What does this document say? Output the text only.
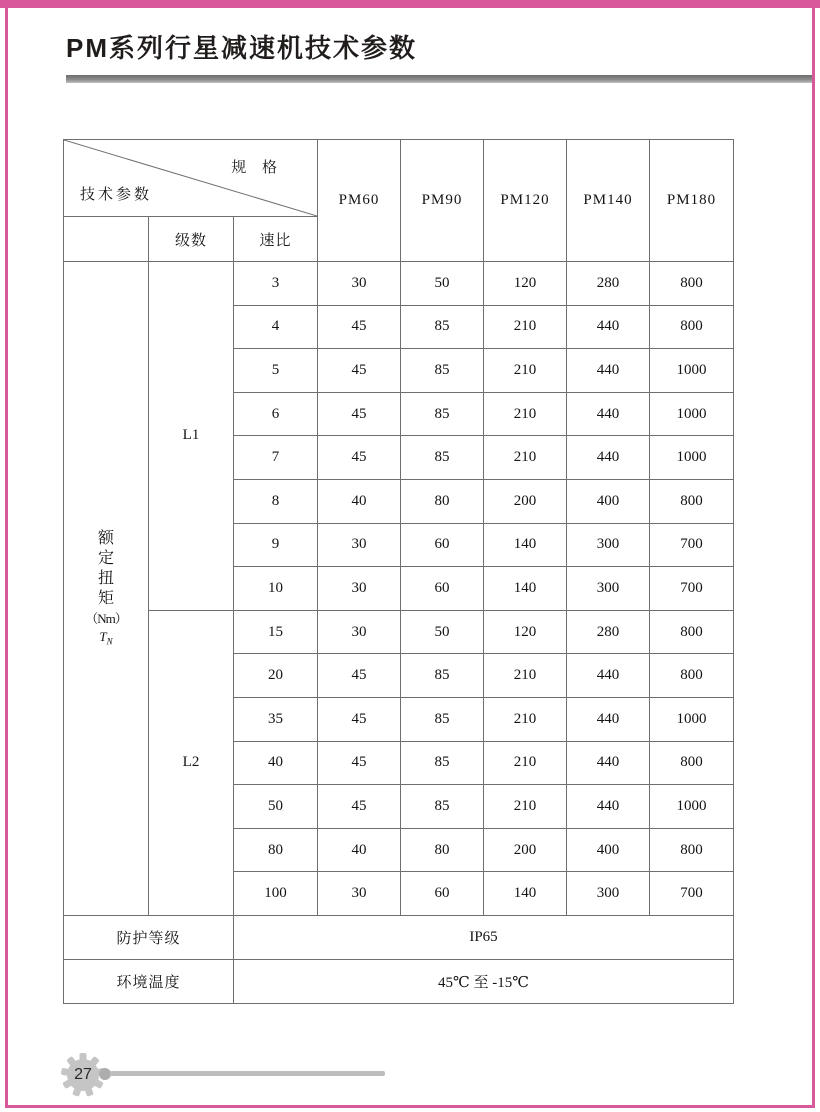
PM系列行星减速机技术参数
规 格
技术参数			PM60	PM90	PM120	PM140	PM180
	级数	速比					

额
定
扭
矩
（Nm）
$T_N$
	L1	3	30	50	120	280	800
		4	45	85	210	440	800
		5	45	85	210	440	1000
		6	45	85	210	440	1000
		7	45	85	210	440	1000
		8	40	80	200	400	800
		9	30	60	140	300	700
		10	30	60	140	300	700
	L2	15	30	50	120	280	800
		20	45	85	210	440	800
		35	45	85	210	440	1000
		40	45	85	210	440	800
		50	45	85	210	440	1000
		80	40	80	200	400	800
		100	30	60	140	300	700
防护等级		IP65					
环境温度		45℃ 至 -15℃					
27
